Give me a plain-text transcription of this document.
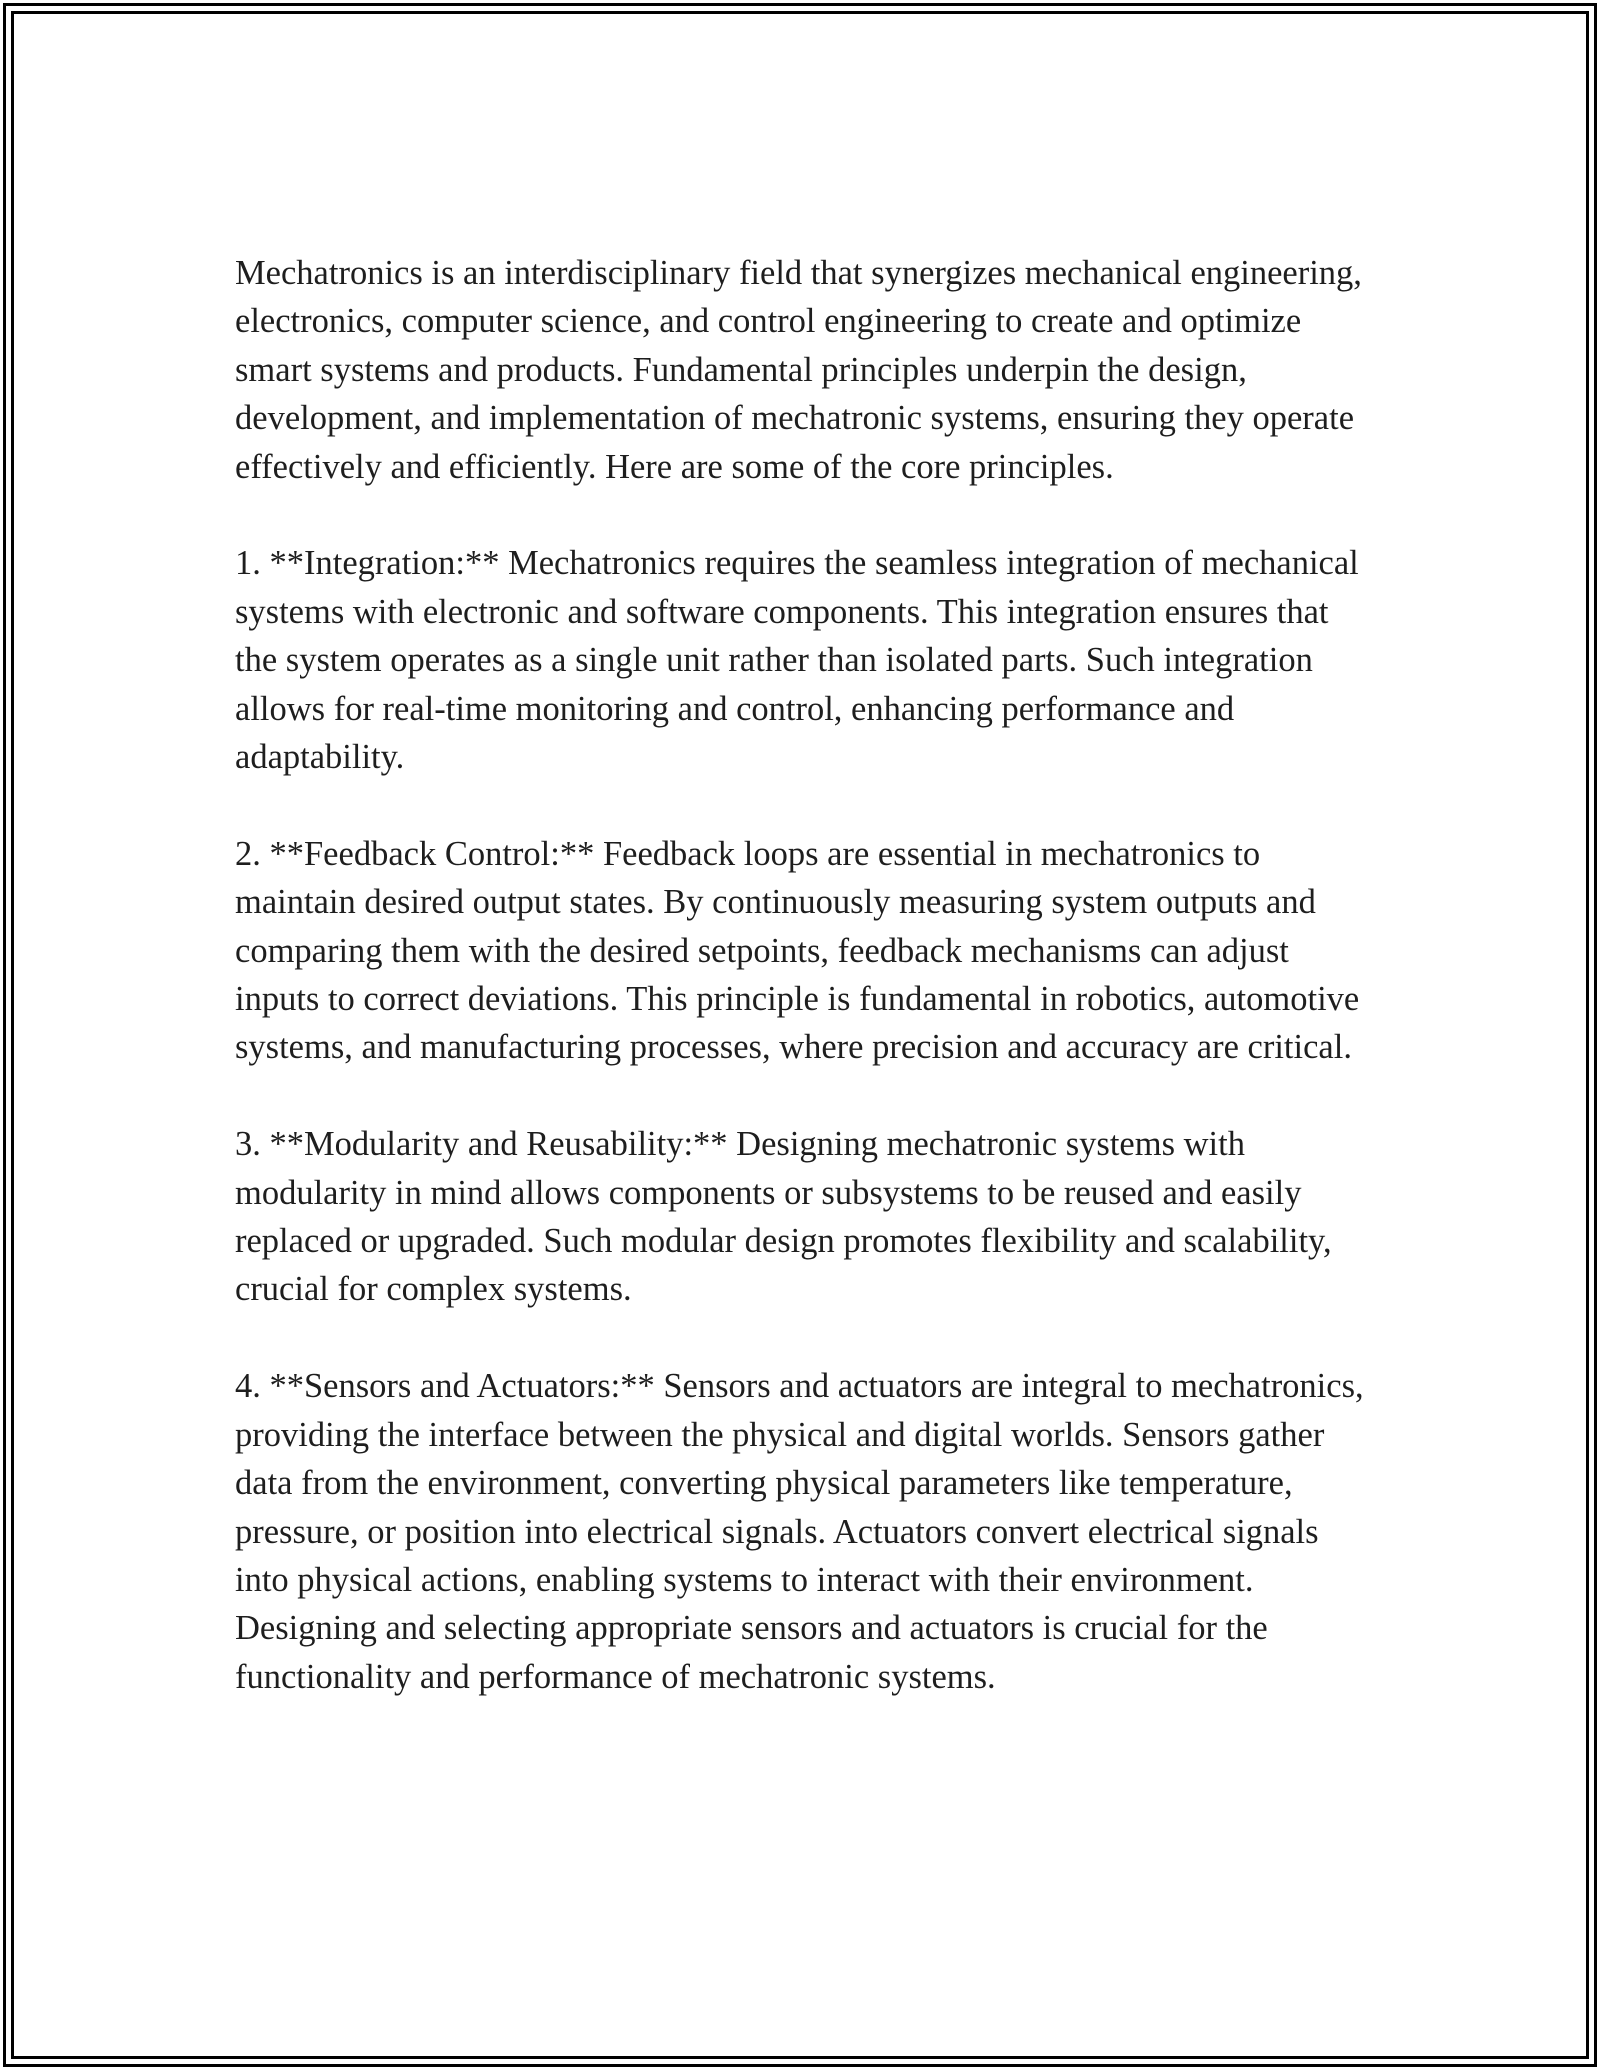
Mechatronics is an interdisciplinary field that synergizes mechanical engineering, electronics, computer science, and control engineering to create and optimize smart systems and products. Fundamental principles underpin the design, development, and implementation of mechatronic systems, ensuring they operate effectively and efficiently. Here are some of the core principles.

1. **Integration:** Mechatronics requires the seamless integration of mechanical systems with electronic and software components. This integration ensures that the system operates as a single unit rather than isolated parts. Such integration allows for real-time monitoring and control, enhancing performance and adaptability.

2. **Feedback Control:** Feedback loops are essential in mechatronics to maintain desired output states. By continuously measuring system outputs and comparing them with the desired setpoints, feedback mechanisms can adjust inputs to correct deviations. This principle is fundamental in robotics, automotive systems, and manufacturing processes, where precision and accuracy are critical.

3. **Modularity and Reusability:** Designing mechatronic systems with modularity in mind allows components or subsystems to be reused and easily replaced or upgraded. Such modular design promotes flexibility and scalability, crucial for complex systems.

4. **Sensors and Actuators:** Sensors and actuators are integral to mechatronics, providing the interface between the physical and digital worlds. Sensors gather data from the environment, converting physical parameters like temperature, pressure, or position into electrical signals. Actuators convert electrical signals into physical actions, enabling systems to interact with their environment. Designing and selecting appropriate sensors and actuators is crucial for the functionality and performance of mechatronic systems.
